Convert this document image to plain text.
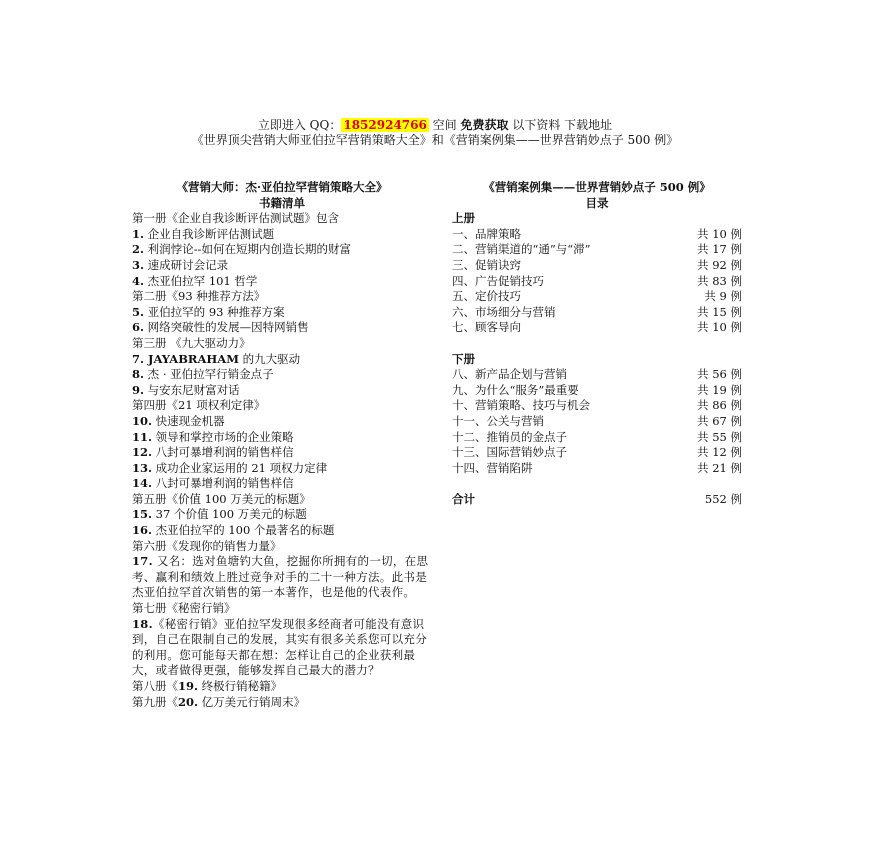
立即进入 QQ： 1852924766 空间 免费获取 以下资料 下载地址
《世界顶尖营销大师亚伯拉罕营销策略大全》和《营销案例集——世界营销妙点子 500 例》
《营销大师：杰·亚伯拉罕营销策略大全》
书籍清单
第一册《企业自我诊断评估测试题》包含
1. 企业自我诊断评估测试题
2. 利润悖论--如何在短期内创造长期的财富
3. 速成研讨会记录
4. 杰亚伯拉罕 101 哲学
第二册《93 种推荐方法》
5. 亚伯拉罕的 93 种推荐方案
6. 网络突破性的发展—因特网销售
第三册 《九大驱动力》
7. JAYABRAHAM 的九大驱动
8. 杰 · 亚伯拉罕行销金点子
9. 与安东尼财富对话
第四册《21 项权利定律》
10. 快速现金机器
11. 领导和掌控市场的企业策略
12. 八封可暴增利润的销售样信
13. 成功企业家运用的 21 项权力定律
14. 八封可暴增利润的销售样信
第五册《价值 100 万美元的标题》
15. 37 个价值 100 万美元的标题
16. 杰亚伯拉罕的 100 个最著名的标题
第六册《发现你的销售力量》
17. 又名：选对鱼塘钓大鱼，挖掘你所拥有的一切，在思考、赢利和绩效上胜过竞争对手的二十一种方法。此书是杰亚伯拉罕首次销售的第一本著作，也是他的代表作。
第七册《秘密行销》
18.《秘密行销》亚伯拉罕发现很多经商者可能没有意识到，自己在限制自己的发展，其实有很多关系您可以充分的利用。您可能每天都在想：怎样让自己的企业获利最大，或者做得更强，能够发挥自己最大的潜力？
第八册《19. 终极行销秘籍》
第九册《20. 亿万美元行销周末》
《营销案例集——世界营销妙点子 500 例》
目录
上册
一、品牌策略	共 10 例
二、营销渠道的“通”与“滞”	共 17 例
三、促销诀窍	共 92 例
四、广告促销技巧	共 83 例
五、定价技巧	共 9 例
六、市场细分与营销	共 15 例
七、顾客导向	共 10 例
下册
八、新产品企划与营销	共 56 例
九、为什么“服务”最重要	共 19 例
十、营销策略、技巧与机会	共 86 例
十一、公关与营销	共 67 例
十二、推销员的金点子	共 55 例
十三、国际营销妙点子	共 12 例
十四、营销陷阱	共 21 例
合计	552 例
